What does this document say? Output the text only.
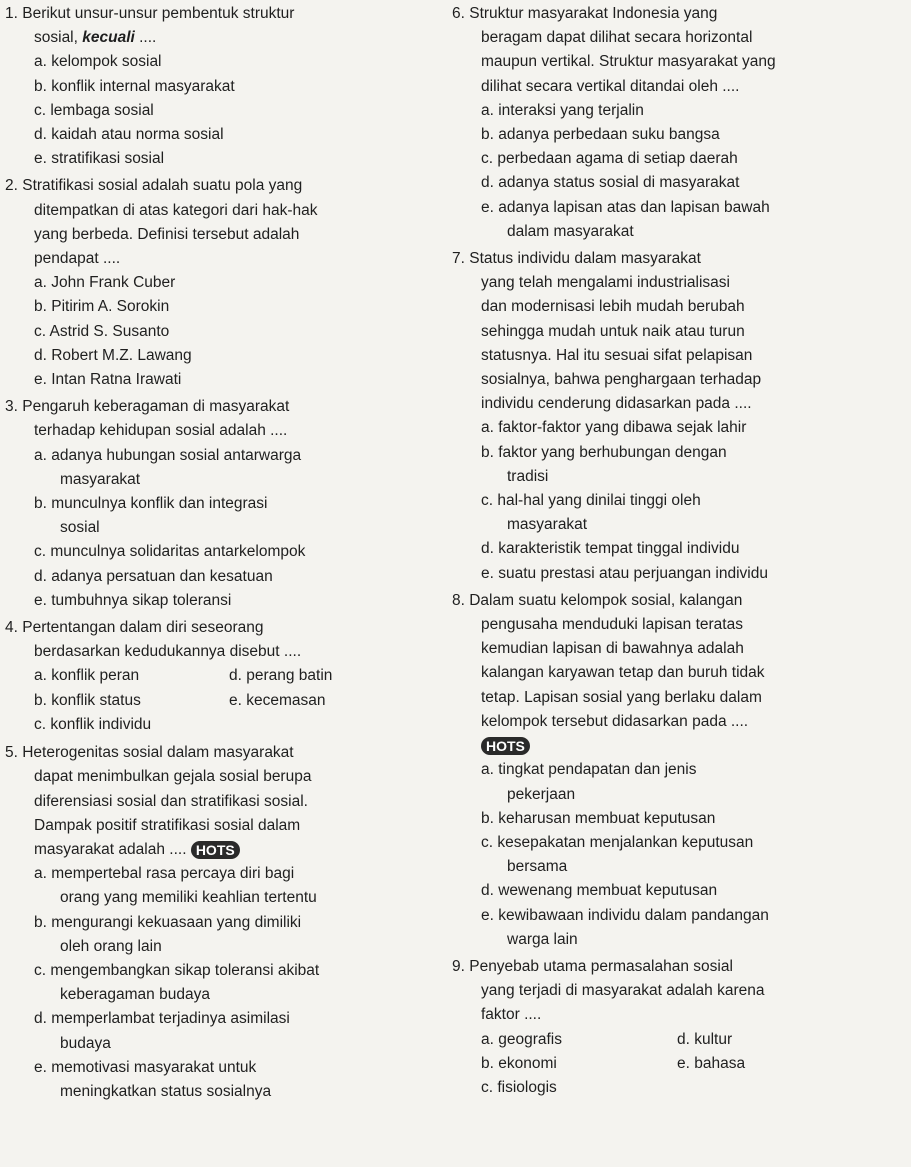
1. Berikut unsur-unsur pembentuk struktur
sosial, kecuali ....
a. kelompok sosial
b. konflik internal masyarakat
c. lembaga sosial
d. kaidah atau norma sosial
e. stratifikasi sosial
2. Stratifikasi sosial adalah suatu pola yang
ditempatkan di atas kategori dari hak-hak
yang berbeda. Definisi tersebut adalah
pendapat ....
a. John Frank Cuber
b. Pitirim A. Sorokin
c. Astrid S. Susanto
d. Robert M.Z. Lawang
e. Intan Ratna Irawati
3. Pengaruh keberagaman di masyarakat
terhadap kehidupan sosial adalah ....
a. adanya hubungan sosial antarwarga
masyarakat
b. munculnya konflik dan integrasi
sosial
c. munculnya solidaritas antarkelompok
d. adanya persatuan dan kesatuan
e. tumbuhnya sikap toleransi
4. Pertentangan dalam diri seseorang
berdasarkan kedudukannya disebut ....
a. konflik peran	d. perang batin
b. konflik status	e. kecemasan
c. konflik individu
5. Heterogenitas sosial dalam masyarakat
dapat menimbulkan gejala sosial berupa
diferensiasi sosial dan stratifikasi sosial.
Dampak positif stratifikasi sosial dalam
masyarakat adalah .... HOTS
a. mempertebal rasa percaya diri bagi
orang yang memiliki keahlian tertentu
b. mengurangi kekuasaan yang dimiliki
oleh orang lain
c. mengembangkan sikap toleransi akibat
keberagaman budaya
d. memperlambat terjadinya asimilasi
budaya
e. memotivasi masyarakat untuk
meningkatkan status sosialnya
6. Struktur masyarakat Indonesia yang
beragam dapat dilihat secara horizontal
maupun vertikal. Struktur masyarakat yang
dilihat secara vertikal ditandai oleh ....
a. interaksi yang terjalin
b. adanya perbedaan suku bangsa
c. perbedaan agama di setiap daerah
d. adanya status sosial di masyarakat
e. adanya lapisan atas dan lapisan bawah
dalam masyarakat
7. Status individu dalam masyarakat
yang telah mengalami industrialisasi
dan modernisasi lebih mudah berubah
sehingga mudah untuk naik atau turun
statusnya. Hal itu sesuai sifat pelapisan
sosialnya, bahwa penghargaan terhadap
individu cenderung didasarkan pada ....
a. faktor-faktor yang dibawa sejak lahir
b. faktor yang berhubungan dengan
tradisi
c. hal-hal yang dinilai tinggi oleh
masyarakat
d. karakteristik tempat tinggal individu
e. suatu prestasi atau perjuangan individu
8. Dalam suatu kelompok sosial, kalangan
pengusaha menduduki lapisan teratas
kemudian lapisan di bawahnya adalah
kalangan karyawan tetap dan buruh tidak
tetap. Lapisan sosial yang berlaku dalam
kelompok tersebut didasarkan pada ....
HOTS
a. tingkat pendapatan dan jenis
pekerjaan
b. keharusan membuat keputusan
c. kesepakatan menjalankan keputusan
bersama
d. wewenang membuat keputusan
e. kewibawaan individu dalam pandangan
warga lain
9. Penyebab utama permasalahan sosial
yang terjadi di masyarakat adalah karena
faktor ....
a. geografis	d. kultur
b. ekonomi	e. bahasa
c. fisiologis
